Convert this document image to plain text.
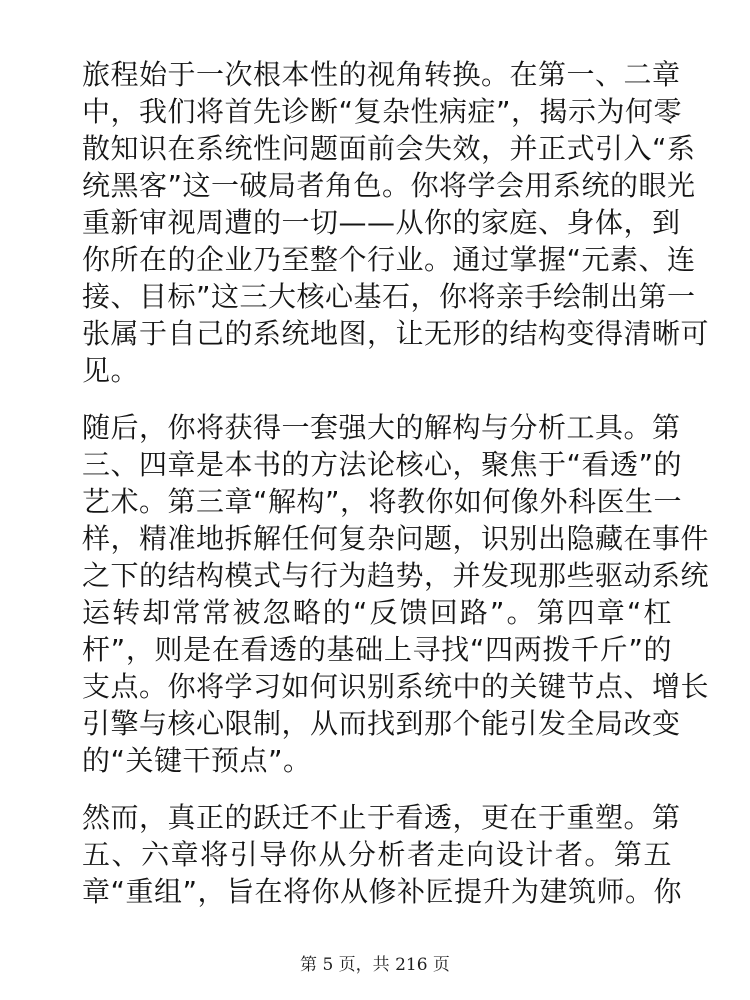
旅程始于一次根本性的视角转换。在第一、二章
中，我们将首先诊断“复杂性病症”，揭示为何零
散知识在系统性问题面前会失效，并正式引入“系
统黑客”这一破局者角色。你将学会用系统的眼光
重新审视周遭的一切——从你的家庭、身体，到
你所在的企业乃至整个行业。通过掌握“元素、连
接、目标”这三大核心基石，你将亲手绘制出第一
张属于自己的系统地图，让无形的结构变得清晰可
见。

随后，你将获得一套强大的解构与分析工具。第
三、四章是本书的方法论核心，聚焦于“看透”的
艺术。第三章“解构”，将教你如何像外科医生一
样，精准地拆解任何复杂问题，识别出隐藏在事件
之下的结构模式与行为趋势，并发现那些驱动系统
运转却常常被忽略的“反馈回路”。第四章“杠
杆”，则是在看透的基础上寻找“四两拨千斤”的
支点。你将学习如何识别系统中的关键节点、增长
引擎与核心限制，从而找到那个能引发全局改变
的“关键干预点”。

然而，真正的跃迁不止于看透，更在于重塑。第
五、六章将引导你从分析者走向设计者。第五
章“重组”，旨在将你从修补匠提升为建筑师。你

第 5 页，共 216 页
